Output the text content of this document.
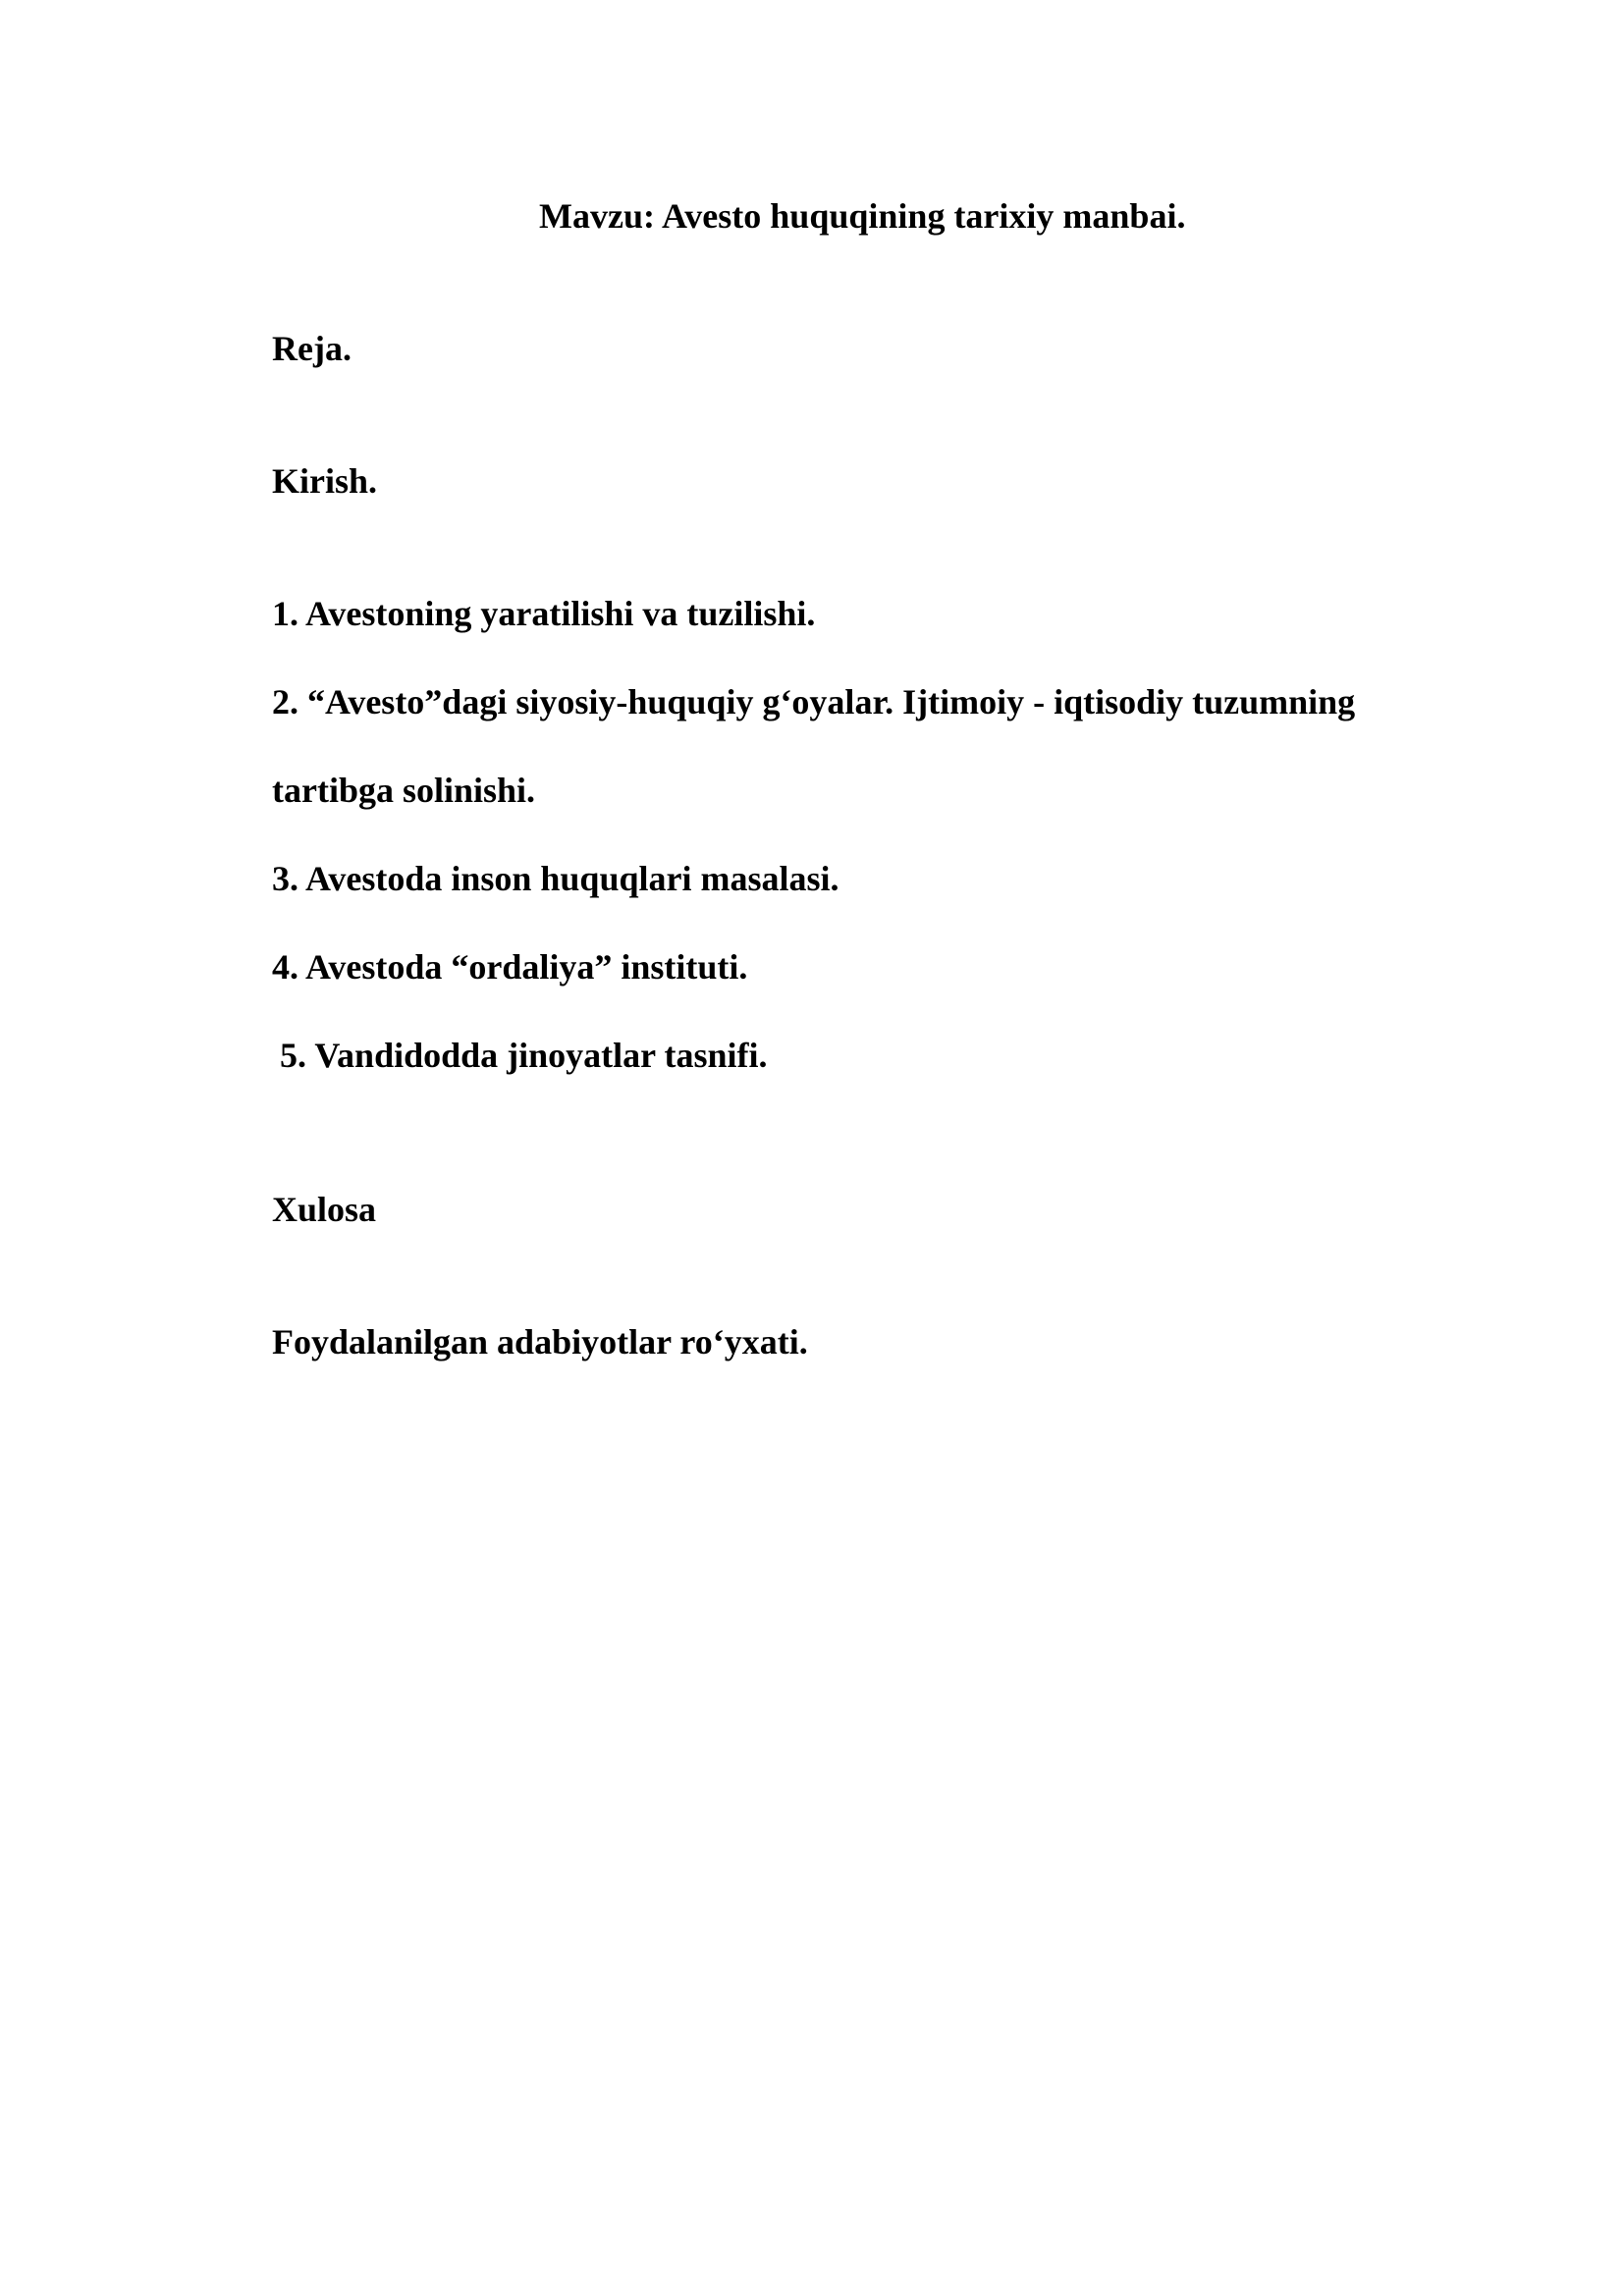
Mavzu: Avesto huquqining tarixiy manbai.

Reja.

Kirish.

1. Avestoning yaratilishi va tuzilishi.

2. “Avesto”dagi siyosiy-huquqiy g‘oyalar. Ijtimoiy - iqtisodiy tuzumning

tartibga solinishi.

3. Avestoda inson huquqlari masalasi.

4. Avestoda “ordaliya” instituti.

5. Vandidodda jinoyatlar tasnifi.

Xulosa

Foydalanilgan adabiyotlar ro‘yxati.
